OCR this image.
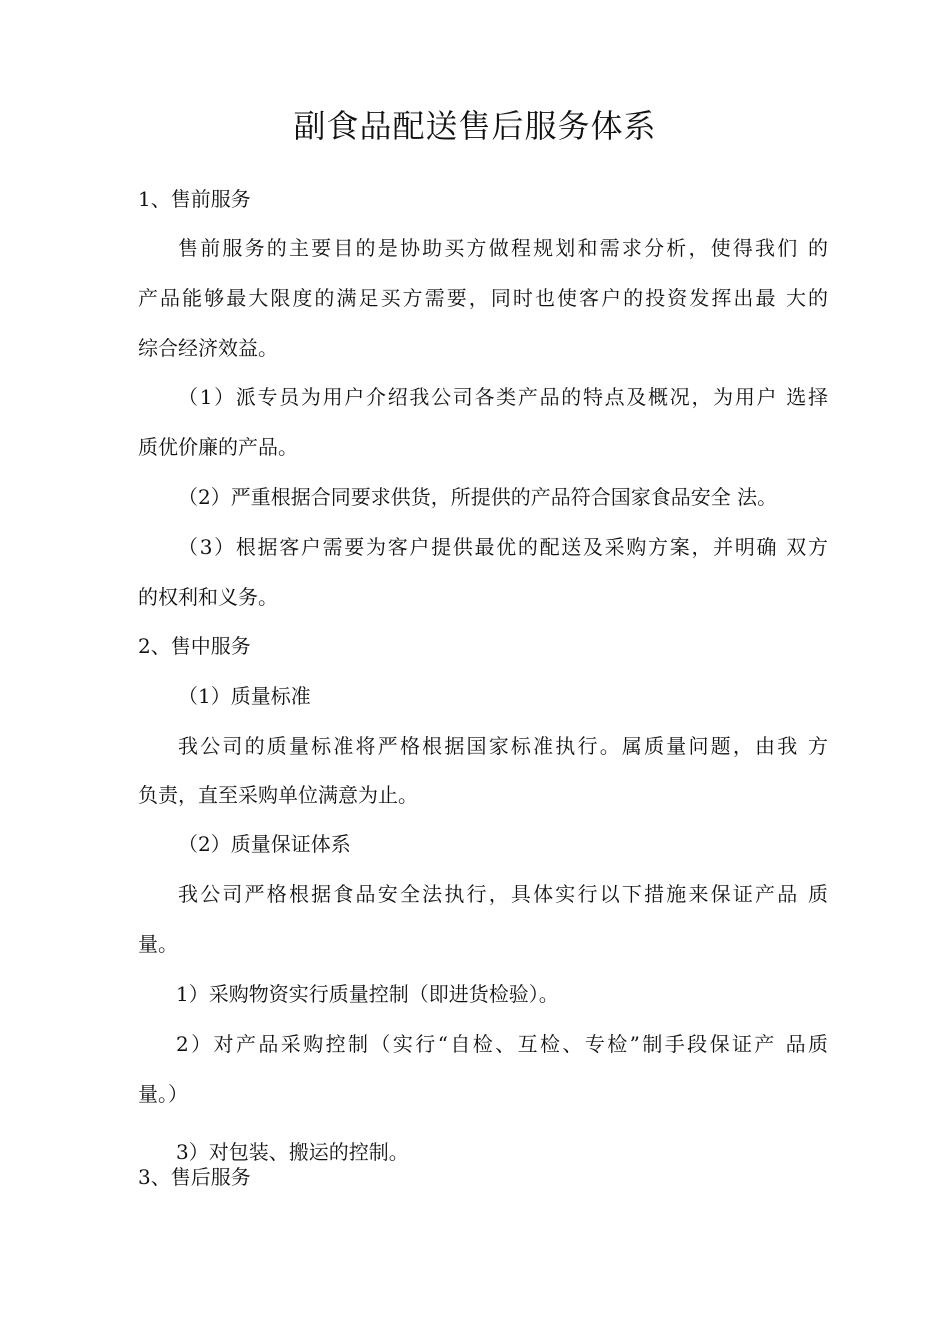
副食品配送售后服务体系

1、售前服务

售前服务的主要目的是协助买方做程规划和需求分析，使得我们 的

产品能够最大限度的满足买方需要，同时也使客户的投资发挥出最 大的

综合经济效益。

（1）派专员为用户介绍我公司各类产品的特点及概况，为用户 选择

质优价廉的产品。

（2）严重根据合同要求供货，所提供的产品符合国家食品安全 法。

（3）根据客户需要为客户提供最优的配送及采购方案，并明确 双方

的权利和义务。

2、售中服务

（1）质量标准

我公司的质量标准将严格根据国家标准执行。属质量问题，由我 方

负责，直至采购单位满意为止。

（2）质量保证体系

我公司严格根据食品安全法执行，具体实行以下措施来保证产品 质

量。

1）采购物资实行质量控制（即进货检验）。

2）对产品采购控制（实行“自检、互检、专检”制手段保证产 品质

量。）

3）对包装、搬运的控制。

3、售后服务
